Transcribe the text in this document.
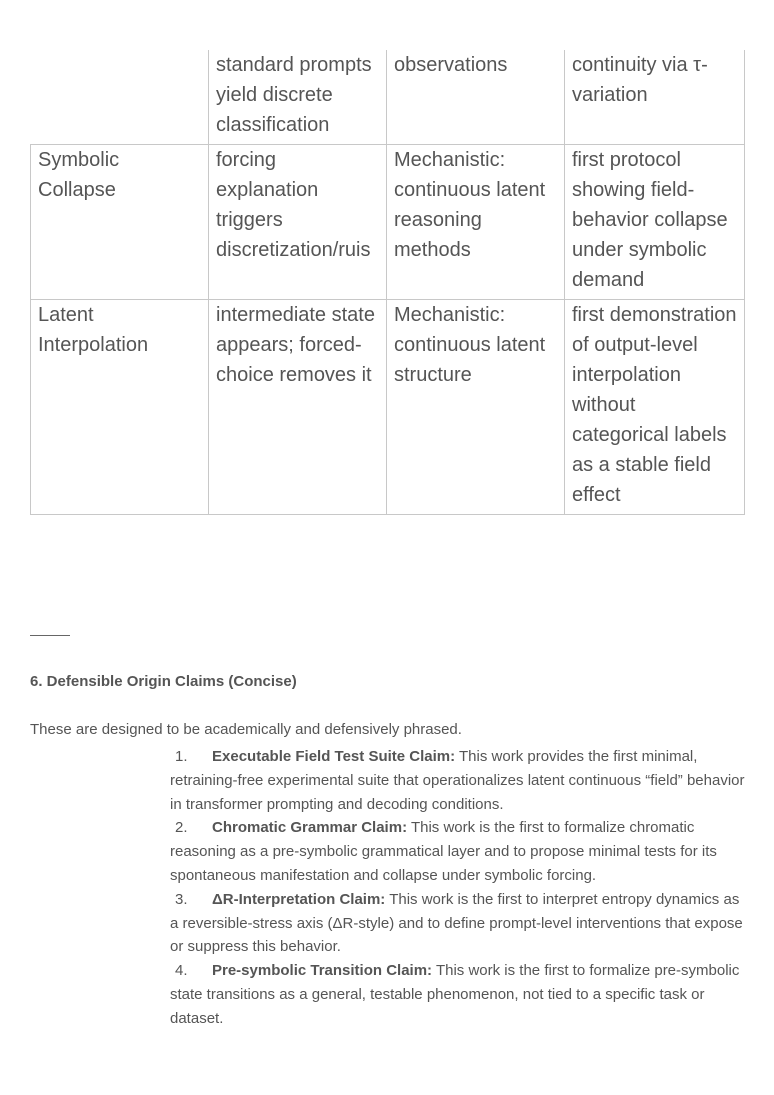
	standard prompts yield discrete classification	observations	continuity via τ-variation
Symbolic Collapse	forcing explanation triggers discretization/ruis	Mechanistic: continuous latent reasoning methods	first protocol showing field-behavior collapse under symbolic demand
Latent Interpolation	intermediate state appears; forced-choice removes it	Mechanistic: continuous latent structure	first demonstration of output-level interpolation without categorical labels as a stable field effect
6. Defensible Origin Claims (Concise)

These are designed to be academically and defensively phrased.

1. Executable Field Test Suite Claim: This work provides the first minimal, retraining-free experimental suite that operationalizes latent continuous “field” behavior in transformer prompting and decoding conditions.
2. Chromatic Grammar Claim: This work is the first to formalize chromatic reasoning as a pre-symbolic grammatical layer and to propose minimal tests for its spontaneous manifestation and collapse under symbolic forcing.
3. ΔR-Interpretation Claim: This work is the first to interpret entropy dynamics as a reversible-stress axis (ΔR-style) and to define prompt-level interventions that expose or suppress this behavior.
4. Pre-symbolic Transition Claim: This work is the first to formalize pre-symbolic state transitions as a general, testable phenomenon, not tied to a specific task or dataset.
